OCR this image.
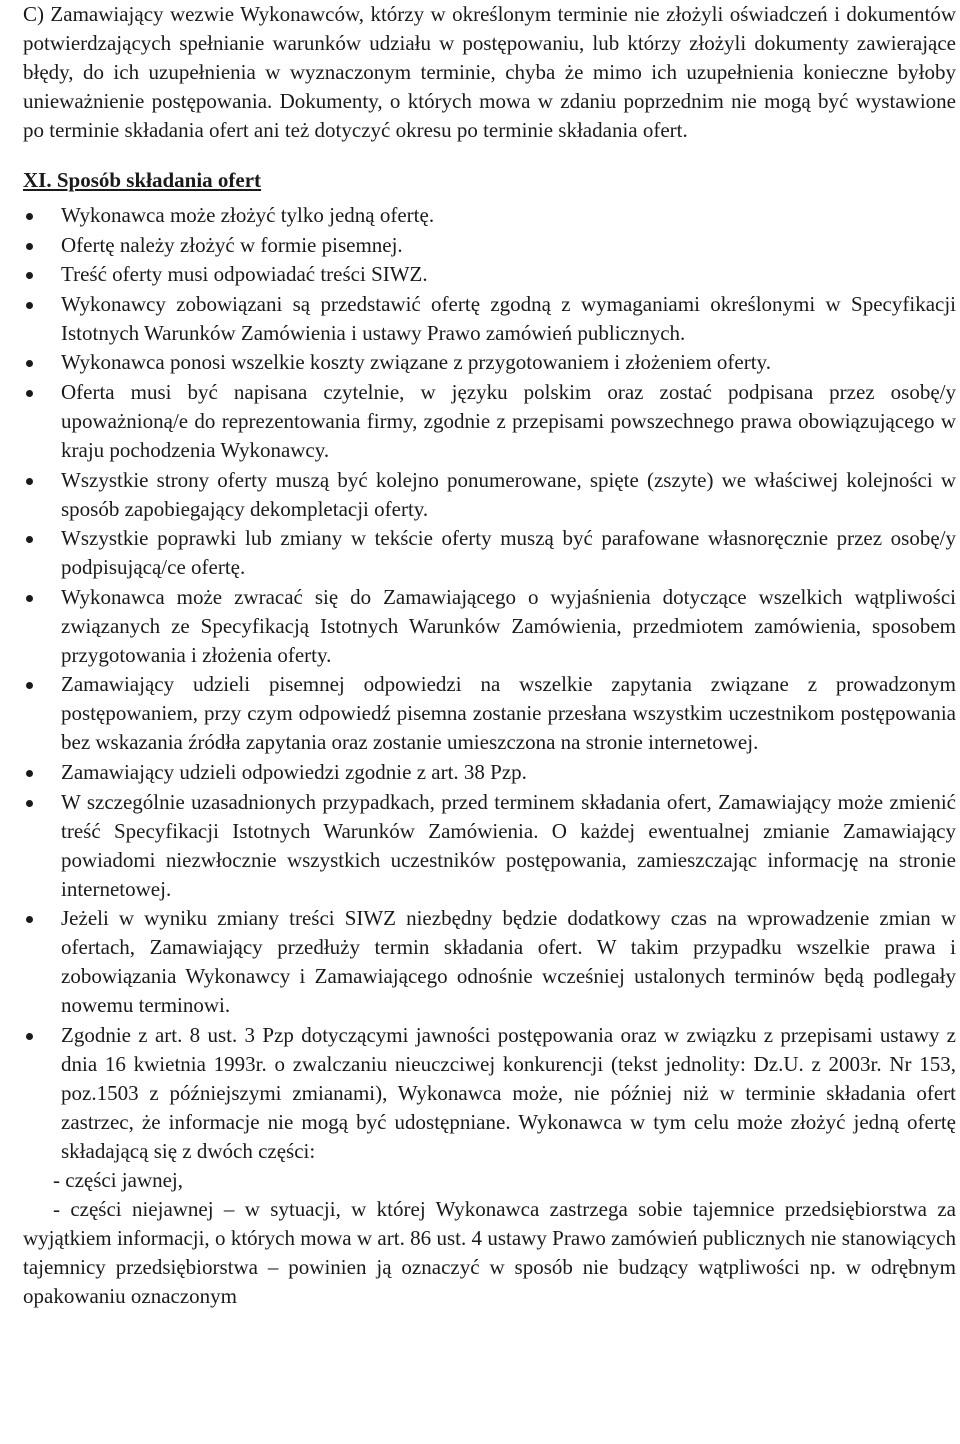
C) Zamawiający wezwie Wykonawców, którzy w określonym terminie nie złożyli oświadczeń i dokumentów potwierdzających spełnianie warunków udziału w postępowaniu, lub którzy złożyli dokumenty zawierające błędy, do ich uzupełnienia w wyznaczonym terminie, chyba że mimo ich uzupełnienia konieczne byłoby unieważnienie postępowania. Dokumenty, o których mowa w zdaniu poprzednim nie mogą być wystawione po terminie składania ofert ani też dotyczyć okresu po terminie składania ofert.

XI. Sposób składania ofert
Wykonawca może złożyć tylko jedną ofertę.
Ofertę należy złożyć w formie pisemnej.
Treść oferty musi odpowiadać treści SIWZ.
Wykonawcy zobowiązani są przedstawić ofertę zgodną z wymaganiami określonymi w Specyfikacji Istotnych Warunków Zamówienia i ustawy Prawo zamówień publicznych.
Wykonawca ponosi wszelkie koszty związane z przygotowaniem i złożeniem oferty.
Oferta musi być napisana czytelnie, w języku polskim oraz zostać podpisana przez osobę/y upoważnioną/e do reprezentowania firmy, zgodnie z przepisami powszechnego prawa obowiązującego w kraju pochodzenia Wykonawcy.
Wszystkie strony oferty muszą być kolejno ponumerowane, spięte (zszyte) we właściwej kolejności w sposób zapobiegający dekompletacji oferty.
Wszystkie poprawki lub zmiany w tekście oferty muszą być parafowane własnoręcznie przez osobę/y podpisującą/ce ofertę.
Wykonawca może zwracać się do Zamawiającego o wyjaśnienia dotyczące wszelkich wątpliwości związanych ze Specyfikacją Istotnych Warunków Zamówienia, przedmiotem zamówienia, sposobem przygotowania i złożenia oferty.
Zamawiający udzieli pisemnej odpowiedzi na wszelkie zapytania związane z prowadzonym postępowaniem, przy czym odpowiedź pisemna zostanie przesłana wszystkim uczestnikom postępowania bez wskazania źródła zapytania oraz zostanie umieszczona na stronie internetowej.
Zamawiający udzieli odpowiedzi zgodnie z art. 38 Pzp.
W szczególnie uzasadnionych przypadkach, przed terminem składania ofert, Zamawiający może zmienić treść Specyfikacji Istotnych Warunków Zamówienia. O każdej ewentualnej zmianie Zamawiający powiadomi niezwłocznie wszystkich uczestników postępowania, zamieszczając informację na stronie internetowej.
Jeżeli w wyniku zmiany treści SIWZ niezbędny będzie dodatkowy czas na wprowadzenie zmian w ofertach, Zamawiający przedłuży termin składania ofert. W takim przypadku wszelkie prawa i zobowiązania Wykonawcy i Zamawiającego odnośnie wcześniej ustalonych terminów będą podlegały nowemu terminowi.
Zgodnie z art. 8 ust. 3 Pzp dotyczącymi jawności postępowania oraz w związku z przepisami ustawy z dnia 16 kwietnia 1993r. o zwalczaniu nieuczciwej konkurencji (tekst jednolity: Dz.U. z 2003r. Nr 153, poz.1503 z późniejszymi zmianami), Wykonawca może, nie później niż w terminie składania ofert zastrzec, że informacje nie mogą być udostępniane. Wykonawca w tym celu może złożyć jedną ofertę składającą się z dwóch części:

- części jawnej,

- części niejawnej – w sytuacji, w której Wykonawca zastrzega sobie tajemnice przedsiębiorstwa za wyjątkiem informacji, o których mowa w art. 86 ust. 4 ustawy Prawo zamówień publicznych nie stanowiących tajemnicy przedsiębiorstwa – powinien ją oznaczyć w sposób nie budzący wątpliwości np. w odrębnym opakowaniu oznaczonym
